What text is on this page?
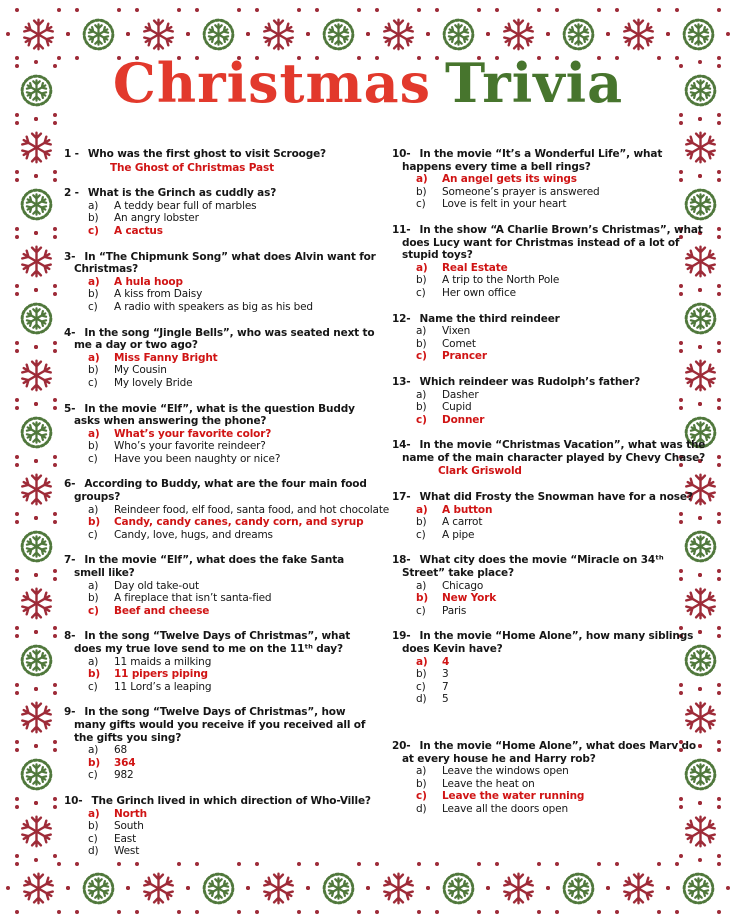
Christmas Trivia

1 - Who was the first ghost to visit Scrooge?

The Ghost of Christmas Past

2 - What is the Grinch as cuddly as?

a) A teddy bear full of marbles
b) An angry lobster
c) A cactus

3- In “The Chipmunk Song” what does Alvin want for Christmas?

a) A hula hoop
b) A kiss from Daisy
c) A radio with speakers as big as his bed

4- In the song “Jingle Bells”, who was seated next to me a day or two ago?

a) Miss Fanny Bright
b) My Cousin
c) My lovely Bride

5- In the movie “Elf”, what is the question Buddy asks when answering the phone?

a) What’s your favorite color?
b) Who’s your favorite reindeer?
c) Have you been naughty or nice?

6- According to Buddy, what are the four main food groups?

a) Reindeer food, elf food, santa food, and hot chocolate
b) Candy, candy canes, candy corn, and syrup
c) Candy, love, hugs, and dreams

7- In the movie “Elf”, what does the fake Santa smell like?

a) Day old take-out
b) A fireplace that isn’t santa-fied
c) Beef and cheese

8- In the song “Twelve Days of Christmas”, what does my true love send to me on the 11ᵗʰ day?

a) 11 maids a milking
b) 11 pipers piping
c) 11 Lord’s a leaping

9- In the song “Twelve Days of Christmas”, how many gifts would you receive if you received all of the gifts you sing?

a) 68
b) 364
c) 982

10- The Grinch lived in which direction of Who-Ville?

a) North
b) South
c) East
d) West

10- In the movie “It’s a Wonderful Life”, what happens every time a bell rings?

a) An angel gets its wings
b) Someone’s prayer is answered
c) Love is felt in your heart

11- In the show “A Charlie Brown’s Christmas”, what does Lucy want for Christmas instead of a lot of stupid toys?

a) Real Estate
b) A trip to the North Pole
c) Her own office

12- Name the third reindeer

a) Vixen
b) Comet
c) Prancer

13- Which reindeer was Rudolph’s father?

a) Dasher
b) Cupid
c) Donner

14- In the movie “Christmas Vacation”, what was the name of the main character played by Chevy Chase?

Clark Griswold

17- What did Frosty the Snowman have for a nose?

a) A button
b) A carrot
c) A pipe

18- What city does the movie “Miracle on 34ᵗʰ Street” take place?

a) Chicago
b) New York
c) Paris

19- In the movie “Home Alone”, how many siblings does Kevin have?

a) 4
b) 3
c) 7
d) 5

20- In the movie “Home Alone”, what does Marv do at every house he and Harry rob?

a) Leave the windows open
b) Leave the heat on
c) Leave the water running
d) Leave all the doors open
